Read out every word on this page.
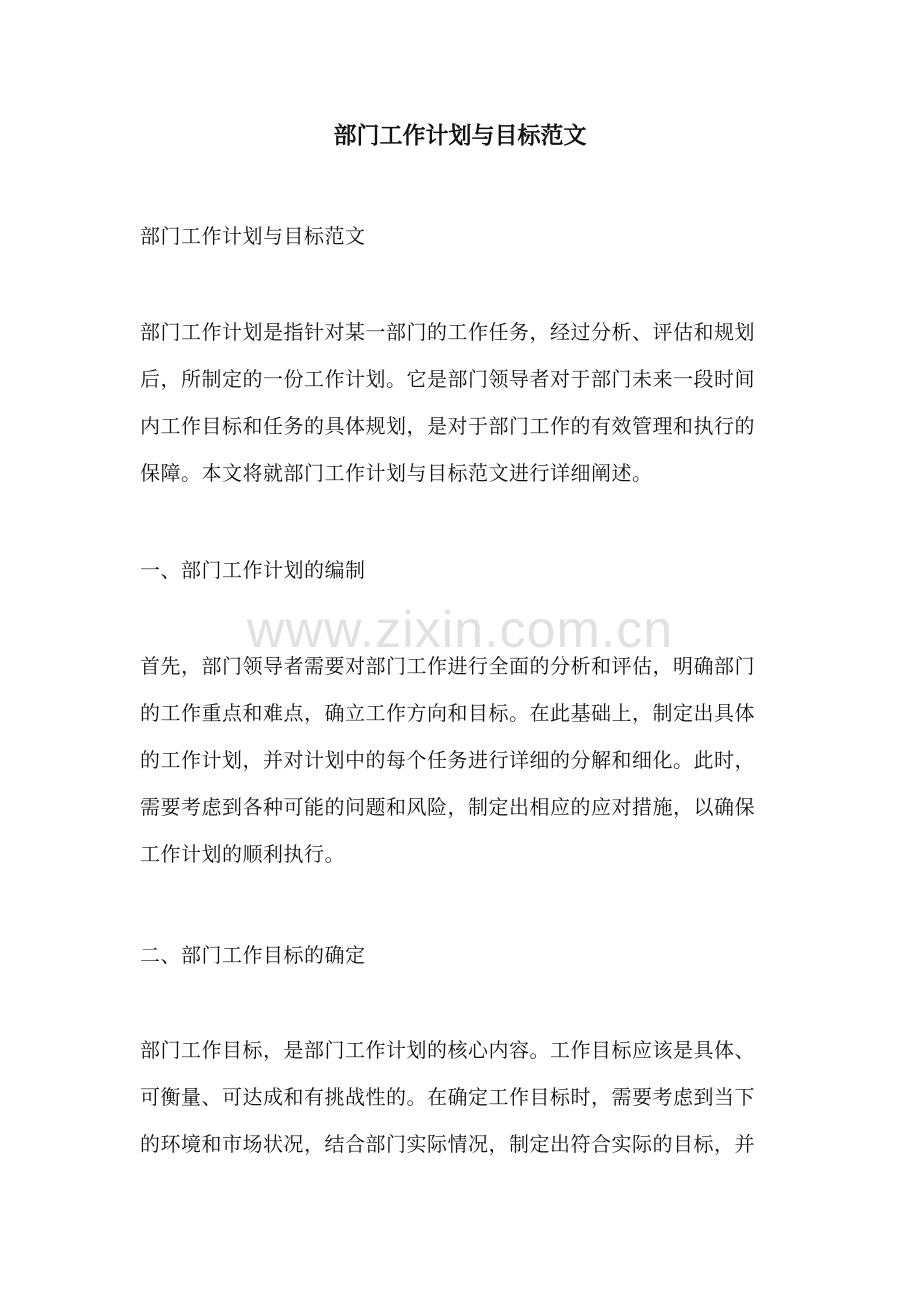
部门工作计划与目标范文

部门工作计划与目标范文

部门工作计划是指针对某一部门的工作任务，经过分析、评估和规划
后，所制定的一份工作计划。它是部门领导者对于部门未来一段时间
内工作目标和任务的具体规划，是对于部门工作的有效管理和执行的
保障。本文将就部门工作计划与目标范文进行详细阐述。

一、部门工作计划的编制

首先，部门领导者需要对部门工作进行全面的分析和评估，明确部门
的工作重点和难点，确立工作方向和目标。在此基础上，制定出具体
的工作计划，并对计划中的每个任务进行详细的分解和细化。此时，
需要考虑到各种可能的问题和风险，制定出相应的应对措施，以确保
工作计划的顺利执行。

二、部门工作目标的确定

部门工作目标，是部门工作计划的核心内容。工作目标应该是具体、
可衡量、可达成和有挑战性的。在确定工作目标时，需要考虑到当下
的环境和市场状况，结合部门实际情况，制定出符合实际的目标，并

www.zixin.com.cn
